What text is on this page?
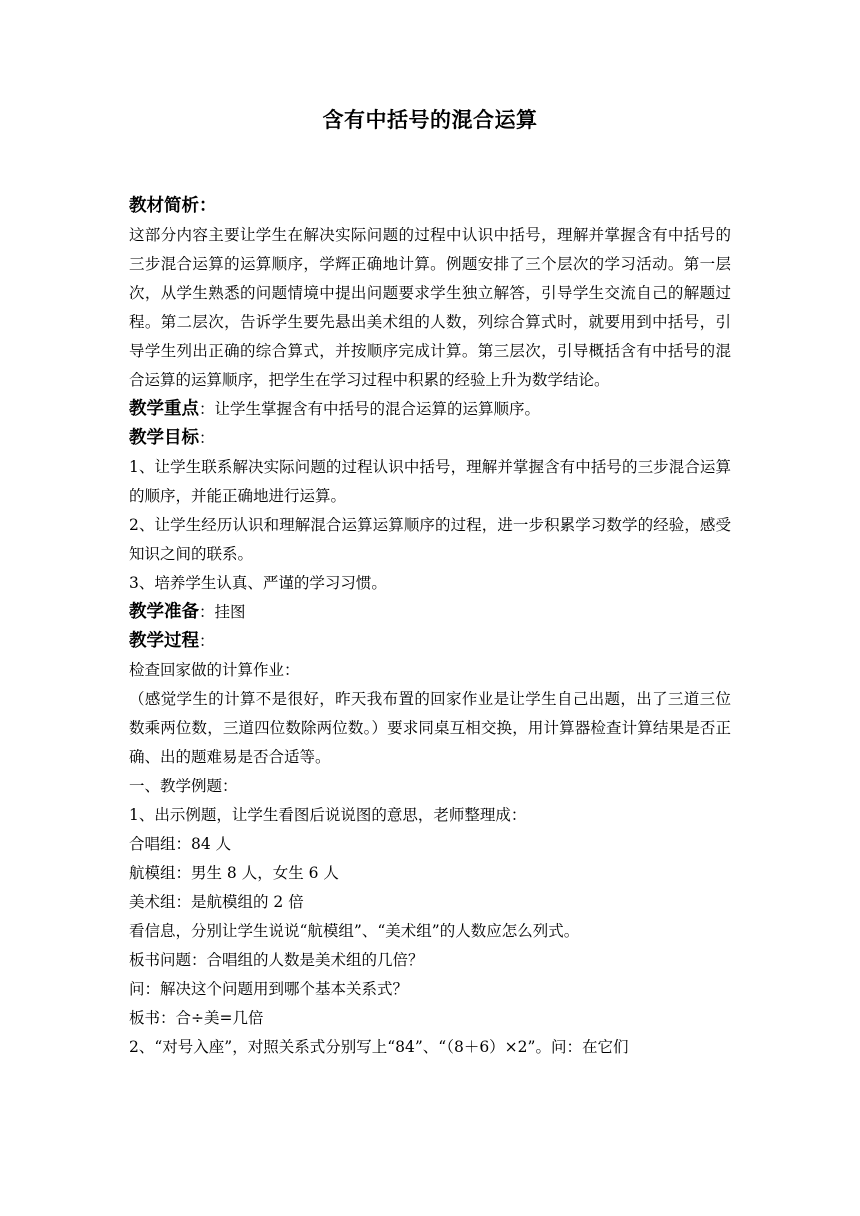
含有中括号的混合运算

教材简析：

这部分内容主要让学生在解决实际问题的过程中认识中括号，理解并掌握含有中括号的三步混合运算的运算顺序，学辉正确地计算。例题安排了三个层次的学习活动。第一层次，从学生熟悉的问题情境中提出问题要求学生独立解答，引导学生交流自己的解题过程。第二层次，告诉学生要先悬出美术组的人数，列综合算式时，就要用到中括号，引导学生列出正确的综合算式，并按顺序完成计算。第三层次，引导概括含有中括号的混合运算的运算顺序，把学生在学习过程中积累的经验上升为数学结论。

教学重点：让学生掌握含有中括号的混合运算的运算顺序。

教学目标：

1、让学生联系解决实际问题的过程认识中括号，理解并掌握含有中括号的三步混合运算的顺序，并能正确地进行运算。

2、让学生经历认识和理解混合运算运算顺序的过程，进一步积累学习数学的经验，感受知识之间的联系。

3、培养学生认真、严谨的学习习惯。

教学准备：挂图

教学过程：

检查回家做的计算作业：

（感觉学生的计算不是很好，昨天我布置的回家作业是让学生自己出题，出了三道三位数乘两位数，三道四位数除两位数。）要求同桌互相交换，用计算器检查计算结果是否正确、出的题难易是否合适等。

一、教学例题：

1、出示例题，让学生看图后说说图的意思，老师整理成：

合唱组：84 人

航模组：男生 8 人，女生 6 人

美术组：是航模组的 2 倍

看信息，分别让学生说说“航模组”、“美术组”的人数应怎么列式。

板书问题：合唱组的人数是美术组的几倍？

问：解决这个问题用到哪个基本关系式？

板书：合÷美=几倍

2、“对号入座”，对照关系式分别写上“84”、“（8＋6）×2”。问：在它们
